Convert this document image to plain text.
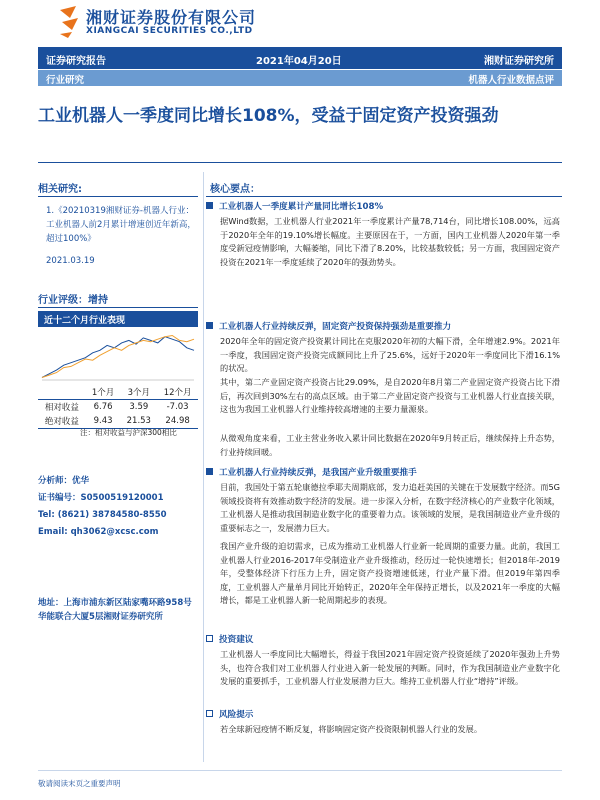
湘财证券股份有限公司
XIANGCAI SECURITIES CO.,LTD
证券研究报告	2021年04月20日	湘财证券研究所
行业研究	机器人行业数据点评
工业机器人一季度同比增长108%，受益于固定资产投资强劲
相关研究:
1.《20210319湘财证券-机器人行业：工业机器人前2月累计增速创近年新高，超过100%》
2021.03.19
行业评级：增持
近十二个月行业表现
	1个月	3个月	12个月
相对收益	6.76	3.59	-7.03
绝对收益	9.43	21.53	24.98
注：相对收益与沪深300相比
分析师：优华
证书编号：S0500519120001
Tel: (8621) 38784580-8550
Email: qh3062@xcsc.com
地址：上海市浦东新区陆家嘴环路958号华能联合大厦5层湘财证券研究所
核心要点：
工业机器人一季度累计产量同比增长108%
据Wind数据，工业机器人行业2021年一季度累计产量78,714台，同比增长108.00%，远高于2020年全年的19.10%增长幅度。主要原因在于，一方面，国内工业机器人2020年第一季度受新冠疫情影响，大幅萎缩，同比下滑了8.20%，比较基数较低；另一方面，我国固定资产投资在2021年一季度延续了2020年的强劲势头。
工业机器人行业持续反弹，固定资产投资保持强劲是重要推力
2020年全年的固定资产投资累计同比在克服2020年初的大幅下滑，全年增速2.9%。2021年一季度，我国固定资产投资完成额同比上升了25.6%，远好于2020年一季度同比下滑16.1%的状况。
其中，第二产业固定资产投资占比29.09%，是自2020年8月第二产业固定资产投资占比下滑后，再次回到30%左右的高点区域。由于第二产业固定资产投资与工业机器人行业直接关联，这也为我国工业机器人行业维持较高增速的主要力量源泉。
从微观角度来看，工业主营业务收入累计同比数据在2020年9月转正后，继续保持上升态势，行业持续回暖。
工业机器人行业持续反弹，是我国产业升级重要推手
目前，我国处于第五轮康德拉季耶夫周期底部，发力追赶美国的关键在于发展数字经济。而5G领域投资将有效推动数字经济的发展。进一步深入分析，在数字经济核心的产业数字化领域，工业机器人是推动我国制造业数字化的重要着力点。该领域的发展，是我国制造业产业升级的重要标志之一，发展潜力巨大。
我国产业升级的迫切需求，已成为推动工业机器人行业新一轮周期的重要力量。此前，我国工业机器人行业2016-2017年受制造业产业升级推动，经历过一轮快速增长；但2018年-2019年，受整体经济下行压力上升，固定资产投资增速低迷，行业产量下滑。但2019年第四季度，工业机器人产量单月同比开始转正，2020年全年保持正增长，以及2021年一季度的大幅增长，都是工业机器人新一轮周期起步的表现。
投资建议
工业机器人一季度同比大幅增长，得益于我国2021年固定资产投资延续了2020年强劲上升势头，也符合我们对工业机器人行业进入新一轮发展的判断。同时，作为我国制造业产业数字化发展的重要抓手，工业机器人行业发展潜力巨大。维持工业机器人行业“增持”评级。
风险提示
若全球新冠疫情不断反复，将影响固定资产投资限制机器人行业的发展。
敬请阅读末页之重要声明
